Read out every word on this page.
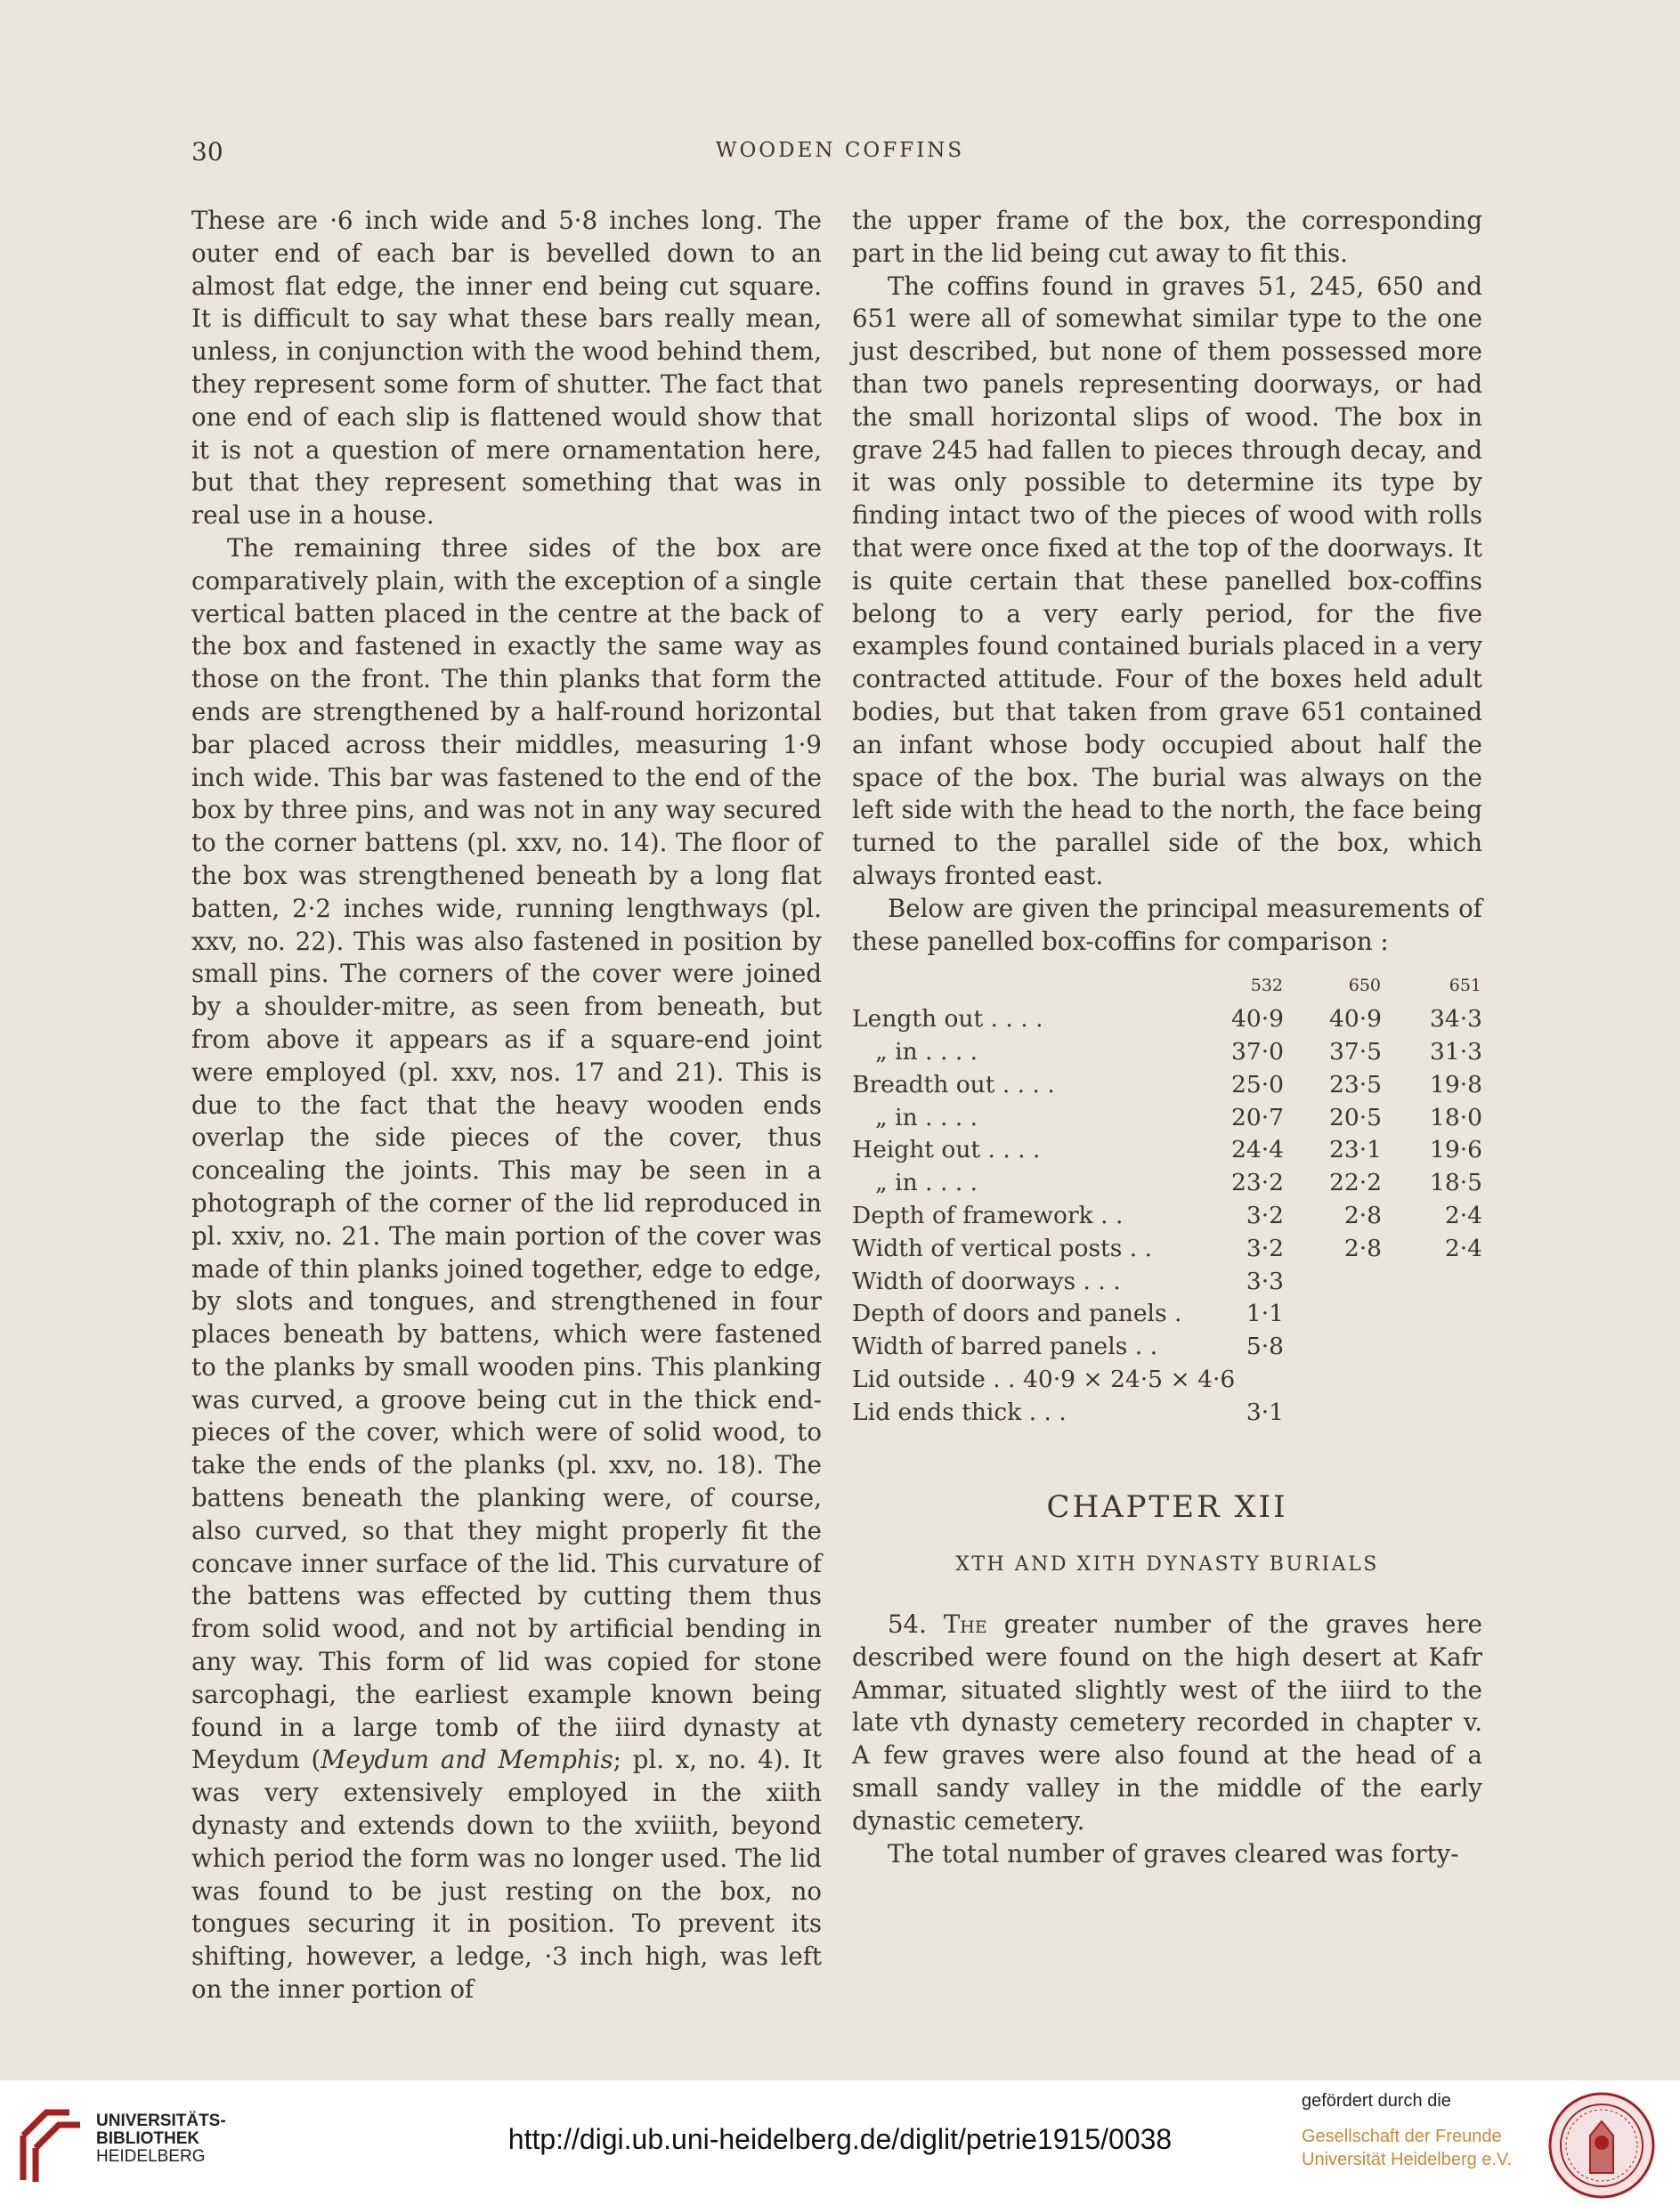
30	WOODEN COFFINS

These are ·6 inch wide and 5·8 inches long. The outer end of each bar is bevelled down to an almost flat edge, the inner end being cut square. It is difficult to say what these bars really mean, unless, in conjunction with the wood behind them, they represent some form of shutter. The fact that one end of each slip is flattened would show that it is not a question of mere ornamentation here, but that they represent something that was in real use in a house.

The remaining three sides of the box are comparatively plain, with the exception of a single vertical batten placed in the centre at the back of the box and fastened in exactly the same way as those on the front. The thin planks that form the ends are strengthened by a half-round horizontal bar placed across their middles, measuring 1·9 inch wide. This bar was fastened to the end of the box by three pins, and was not in any way secured to the corner battens (pl. xxv, no. 14). The floor of the box was strengthened beneath by a long flat batten, 2·2 inches wide, running lengthways (pl. xxv, no. 22). This was also fastened in position by small pins. The corners of the cover were joined by a shoulder-mitre, as seen from beneath, but from above it appears as if a square-end joint were employed (pl. xxv, nos. 17 and 21). This is due to the fact that the heavy wooden ends overlap the side pieces of the cover, thus concealing the joints. This may be seen in a photograph of the corner of the lid reproduced in pl. xxiv, no. 21. The main portion of the cover was made of thin planks joined together, edge to edge, by slots and tongues, and strengthened in four places beneath by battens, which were fastened to the planks by small wooden pins. This planking was curved, a groove being cut in the thick end-pieces of the cover, which were of solid wood, to take the ends of the planks (pl. xxv, no. 18). The battens beneath the planking were, of course, also curved, so that they might properly fit the concave inner surface of the lid. This curvature of the battens was effected by cutting them thus from solid wood, and not by artificial bending in any way. This form of lid was copied for stone sarcophagi, the earliest example known being found in a large tomb of the iiird dynasty at Meydum (Meydum and Memphis; pl. x, no. 4). It was very extensively employed in the xiith dynasty and extends down to the xviiith, beyond which period the form was no longer used. The lid was found to be just resting on the box, no tongues securing it in position. To prevent its shifting, however, a ledge, ·3 inch high, was left on the inner portion of

the upper frame of the box, the corresponding part in the lid being cut away to fit this.

The coffins found in graves 51, 245, 650 and 651 were all of somewhat similar type to the one just described, but none of them possessed more than two panels representing doorways, or had the small horizontal slips of wood. The box in grave 245 had fallen to pieces through decay, and it was only possible to determine its type by finding intact two of the pieces of wood with rolls that were once fixed at the top of the doorways. It is quite certain that these panelled box-coffins belong to a very early period, for the five examples found contained burials placed in a very contracted attitude. Four of the boxes held adult bodies, but that taken from grave 651 contained an infant whose body occupied about half the space of the box. The burial was always on the left side with the head to the north, the face being turned to the parallel side of the box, which always fronted east.

Below are given the principal measurements of these panelled box-coffins for comparison :

	532	650	651
Length out . . . .	40·9	40·9	34·3
„ in . . . .	37·0	37·5	31·3
Breadth out . . . .	25·0	23·5	19·8
„ in . . . .	20·7	20·5	18·0
Height out . . . .	24·4	23·1	19·6
„ in . . . .	23·2	22·2	18·5
Depth of framework . .	3·2	2·8	2·4
Width of vertical posts . .	3·2	2·8	2·4
Width of doorways . . .	3·3		
Depth of doors and panels .	1·1		
Width of barred panels . .	5·8		
Lid outside . . 40·9 × 24·5 × 4·6			
Lid ends thick . . .	3·1		
CHAPTER XII
XTH AND XITH DYNASTY BURIALS

54. The greater number of the graves here described were found on the high desert at Kafr Ammar, situated slightly west of the iiird to the late vth dynasty cemetery recorded in chapter v. A few graves were also found at the head of a small sandy valley in the middle of the early dynastic cemetery.

The total number of graves cleared was forty-

UNIVERSITÄTS-
BIBLIOTHEK
HEIDELBERG
http://digi.ub.uni-heidelberg.de/diglit/petrie1915/0038
gefördert durch die
Gesellschaft der Freunde
Universität Heidelberg e.V.
